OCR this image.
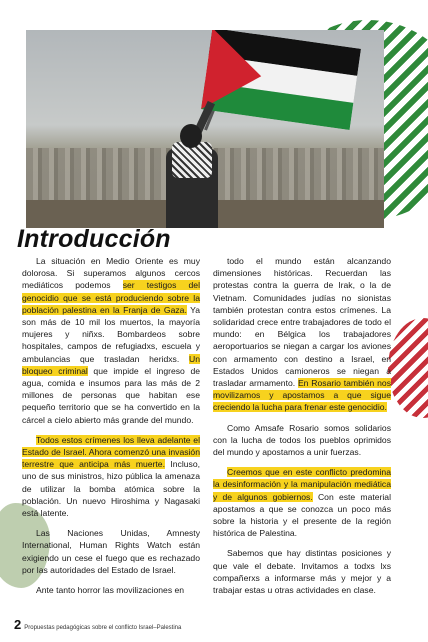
Introducción

La situación en Medio Oriente es muy dolorosa. Si superamos algunos cercos mediáticos podemos ser testigos del genocidio que se está produciendo sobre la población palestina en la Franja de Gaza. Ya son más de 10 mil los muertos, la mayoría mujeres y niñxs. Bombardeos sobre hospitales, campos de refugiadxs, escuela y ambulancias que trasladan heridxs. Un bloqueo criminal que impide el ingreso de agua, comida e insumos para las más de 2 millones de personas que habitan ese pequeño territorio que se ha convertido en la cárcel a cielo abierto más grande del mundo.

Todos estos crímenes los lleva adelante el Estado de Israel. Ahora comenzó una invasión terrestre que anticipa más muerte. Incluso, uno de sus ministros, hizo pública la amenaza de utilizar la bomba atómica sobre la población. Un nuevo Hiroshima y Nagasaki está latente.

Las Naciones Unidas, Amnesty International, Human Rights Watch están exigiendo un cese el fuego que es rechazado por las autoridades del Estado de Israel.

Ante tanto horror las movilizaciones en

todo el mundo están alcanzando dimensiones históricas. Recuerdan las protestas contra la guerra de Irak, o la de Vietnam. Comunidades judías no sionistas también protestan contra estos crímenes. La solidaridad crece entre trabajadores de todo el mundo: en Bélgica los trabajadores aeroportuarios se niegan a cargar los aviones con armamento con destino a Israel, en Estados Unidos camioneros se niegan a trasladar armamento. En Rosario también nos movilizamos y apostamos a que sigue creciendo la lucha para frenar este genocidio.

Como Amsafe Rosario somos solidarios con la lucha de todos los pueblos oprimidos del mundo y apostamos a unir fuerzas.

Creemos que en este conflicto predomina la desinformación y la manipulación mediática y de algunos gobiernos. Con este material apostamos a que se conozca un poco más sobre la historia y el presente de la región histórica de Palestina.

Sabemos que hay distintas posiciones y que vale el debate. Invitamos a todxs lxs compañerxs a informarse más y mejor y a trabajar estas u otras actividades en clase.

2 Propuestas pedagógicas sobre el conflicto Israel–Palestina
